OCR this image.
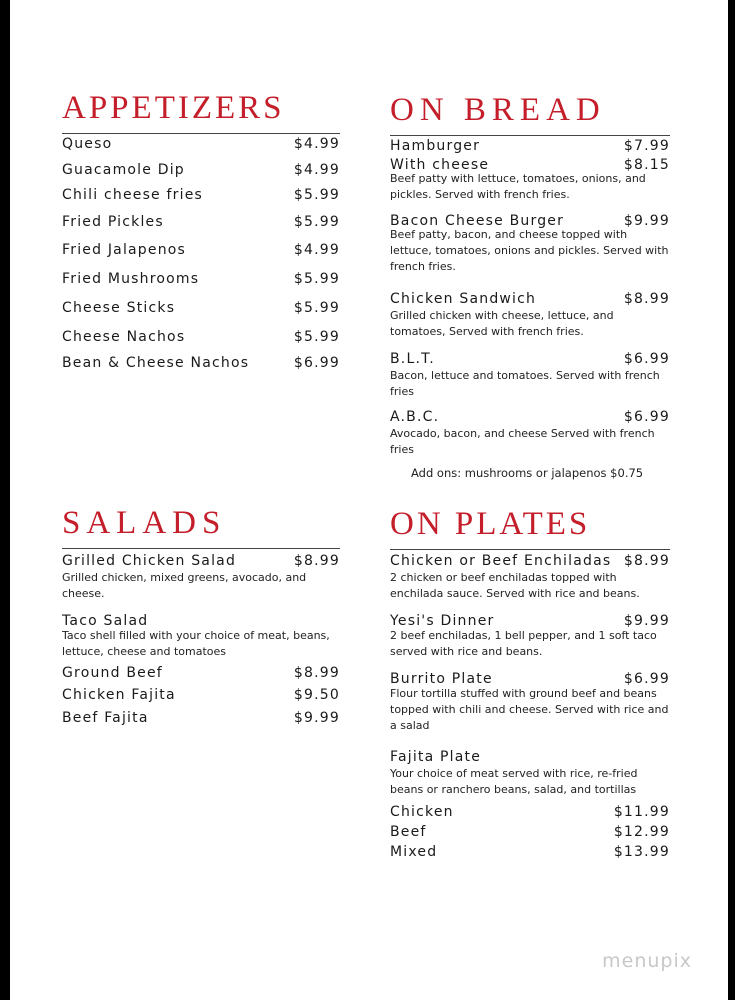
APPETIZERS
Queso	$4.99
Guacamole Dip	$4.99
Chili cheese fries	$5.99
Fried Pickles	$5.99
Fried Jalapenos	$4.99
Fried Mushrooms	$5.99
Cheese Sticks	$5.99
Cheese Nachos	$5.99
Bean & Cheese Nachos	$6.99
ON BREAD
Hamburger	$7.99
With cheese	$8.15
Beef patty with lettuce, tomatoes, onions, and pickles. Served with french fries.
Bacon Cheese Burger	$9.99
Beef patty, bacon, and cheese topped with lettuce, tomatoes, onions and pickles. Served with french fries.
Chicken Sandwich	$8.99
Grilled chicken with cheese, lettuce, and tomatoes, Served with french fries.
B.L.T.	$6.99
Bacon, lettuce and tomatoes. Served with french fries
A.B.C.	$6.99
Avocado, bacon, and cheese Served with french fries
Add ons: mushrooms or jalapenos $0.75
SALADS
Grilled Chicken Salad	$8.99
Grilled chicken, mixed greens, avocado, and cheese.
Taco Salad
Taco shell filled with your choice of meat, beans, lettuce, cheese and tomatoes
Ground Beef	$8.99
Chicken Fajita	$9.50
Beef Fajita	$9.99
ON PLATES
Chicken or Beef Enchiladas $8.99
2 chicken or beef enchiladas topped with enchilada sauce. Served with rice and beans.
Yesi's Dinner	$9.99
2 beef enchiladas, 1 bell pepper, and 1 soft taco served with rice and beans.
Burrito Plate	$6.99
Flour tortilla stuffed with ground beef and beans topped with chili and cheese. Served with rice and a salad
Fajita Plate
Your choice of meat served with rice, re-fried beans or ranchero beans, salad, and tortillas
Chicken	$11.99
Beef	$12.99
Mixed	$13.99
menupix
